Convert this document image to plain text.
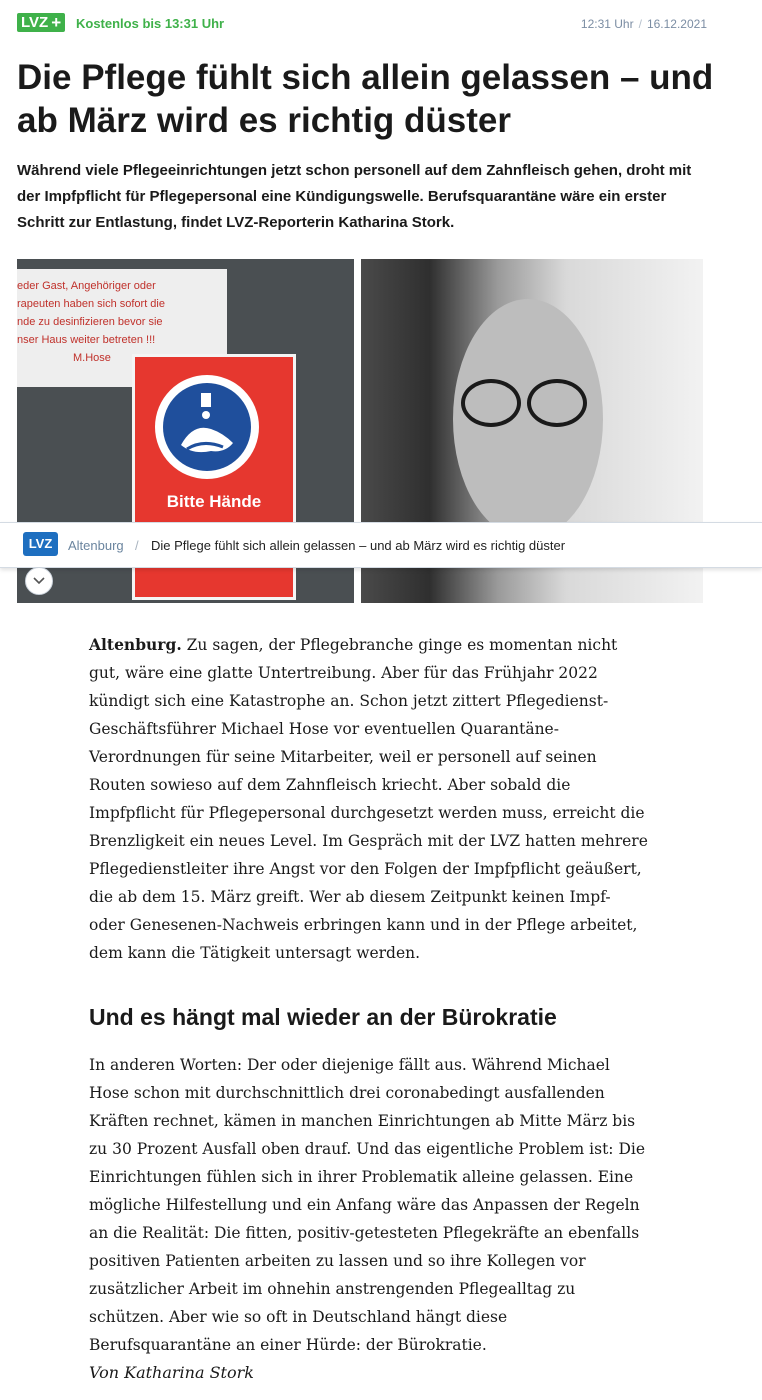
LVZ + Kostenlos bis 13:31 Uhr	12:31 Uhr / 16.12.2021
Die Pflege fühlt sich allein gelassen – und ab März wird es richtig düster

Während viele Pflegeeinrichtungen jetzt schon personell auf dem Zahnfleisch gehen, droht mit der Impfpflicht für Pflegepersonal eine Kündigungswelle. Berufsquarantäne wäre ein erster Schritt zur Entlastung, findet LVZ-Reporterin Katharina Stork.

eder Gast, Angehöriger oder
rapeuten haben sich sofort die
nde zu desinfizieren bevor sie
nser Haus weiter betreten !!!
M.Hose
Bitte Hände
LVZ	Altenburg / Die Pflege fühlt sich allein gelassen – und ab März wird es richtig düster

Altenburg. Zu sagen, der Pflegebranche ginge es momentan nicht gut, wäre eine glatte Untertreibung. Aber für das Frühjahr 2022 kündigt sich eine Katastrophe an. Schon jetzt zittert Pflegedienst-Geschäftsführer Michael Hose vor eventuellen Quarantäne-Verordnungen für seine Mitarbeiter, weil er personell auf seinen Routen sowieso auf dem Zahnfleisch kriecht. Aber sobald die Impfpflicht für Pflegepersonal durchgesetzt werden muss, erreicht die Brenzligkeit ein neues Level. Im Gespräch mit der LVZ hatten mehrere Pflegedienstleiter ihre Angst vor den Folgen der Impfpflicht geäußert, die ab dem 15. März greift. Wer ab diesem Zeitpunkt keinen Impf- oder Genesenen-Nachweis erbringen kann und in der Pflege arbeitet, dem kann die Tätigkeit untersagt werden.

Und es hängt mal wieder an der Bürokratie

In anderen Worten: Der oder diejenige fällt aus. Während Michael Hose schon mit durchschnittlich drei coronabedingt ausfallenden Kräften rechnet, kämen in manchen Einrichtungen ab Mitte März bis zu 30 Prozent Ausfall oben drauf. Und das eigentliche Problem ist: Die Einrichtungen fühlen sich in ihrer Problematik alleine gelassen. Eine mögliche Hilfestellung und ein Anfang wäre das Anpassen der Regeln an die Realität: Die fitten, positiv-getesteten Pflegekräfte an ebenfalls positiven Patienten arbeiten zu lassen und so ihre Kollegen vor zusätzlicher Arbeit im ohnehin anstrengenden Pflegealltag zu schützen. Aber wie so oft in Deutschland hängt diese Berufsquarantäne an einer Hürde: der Bürokratie.

Von Katharina Stork
